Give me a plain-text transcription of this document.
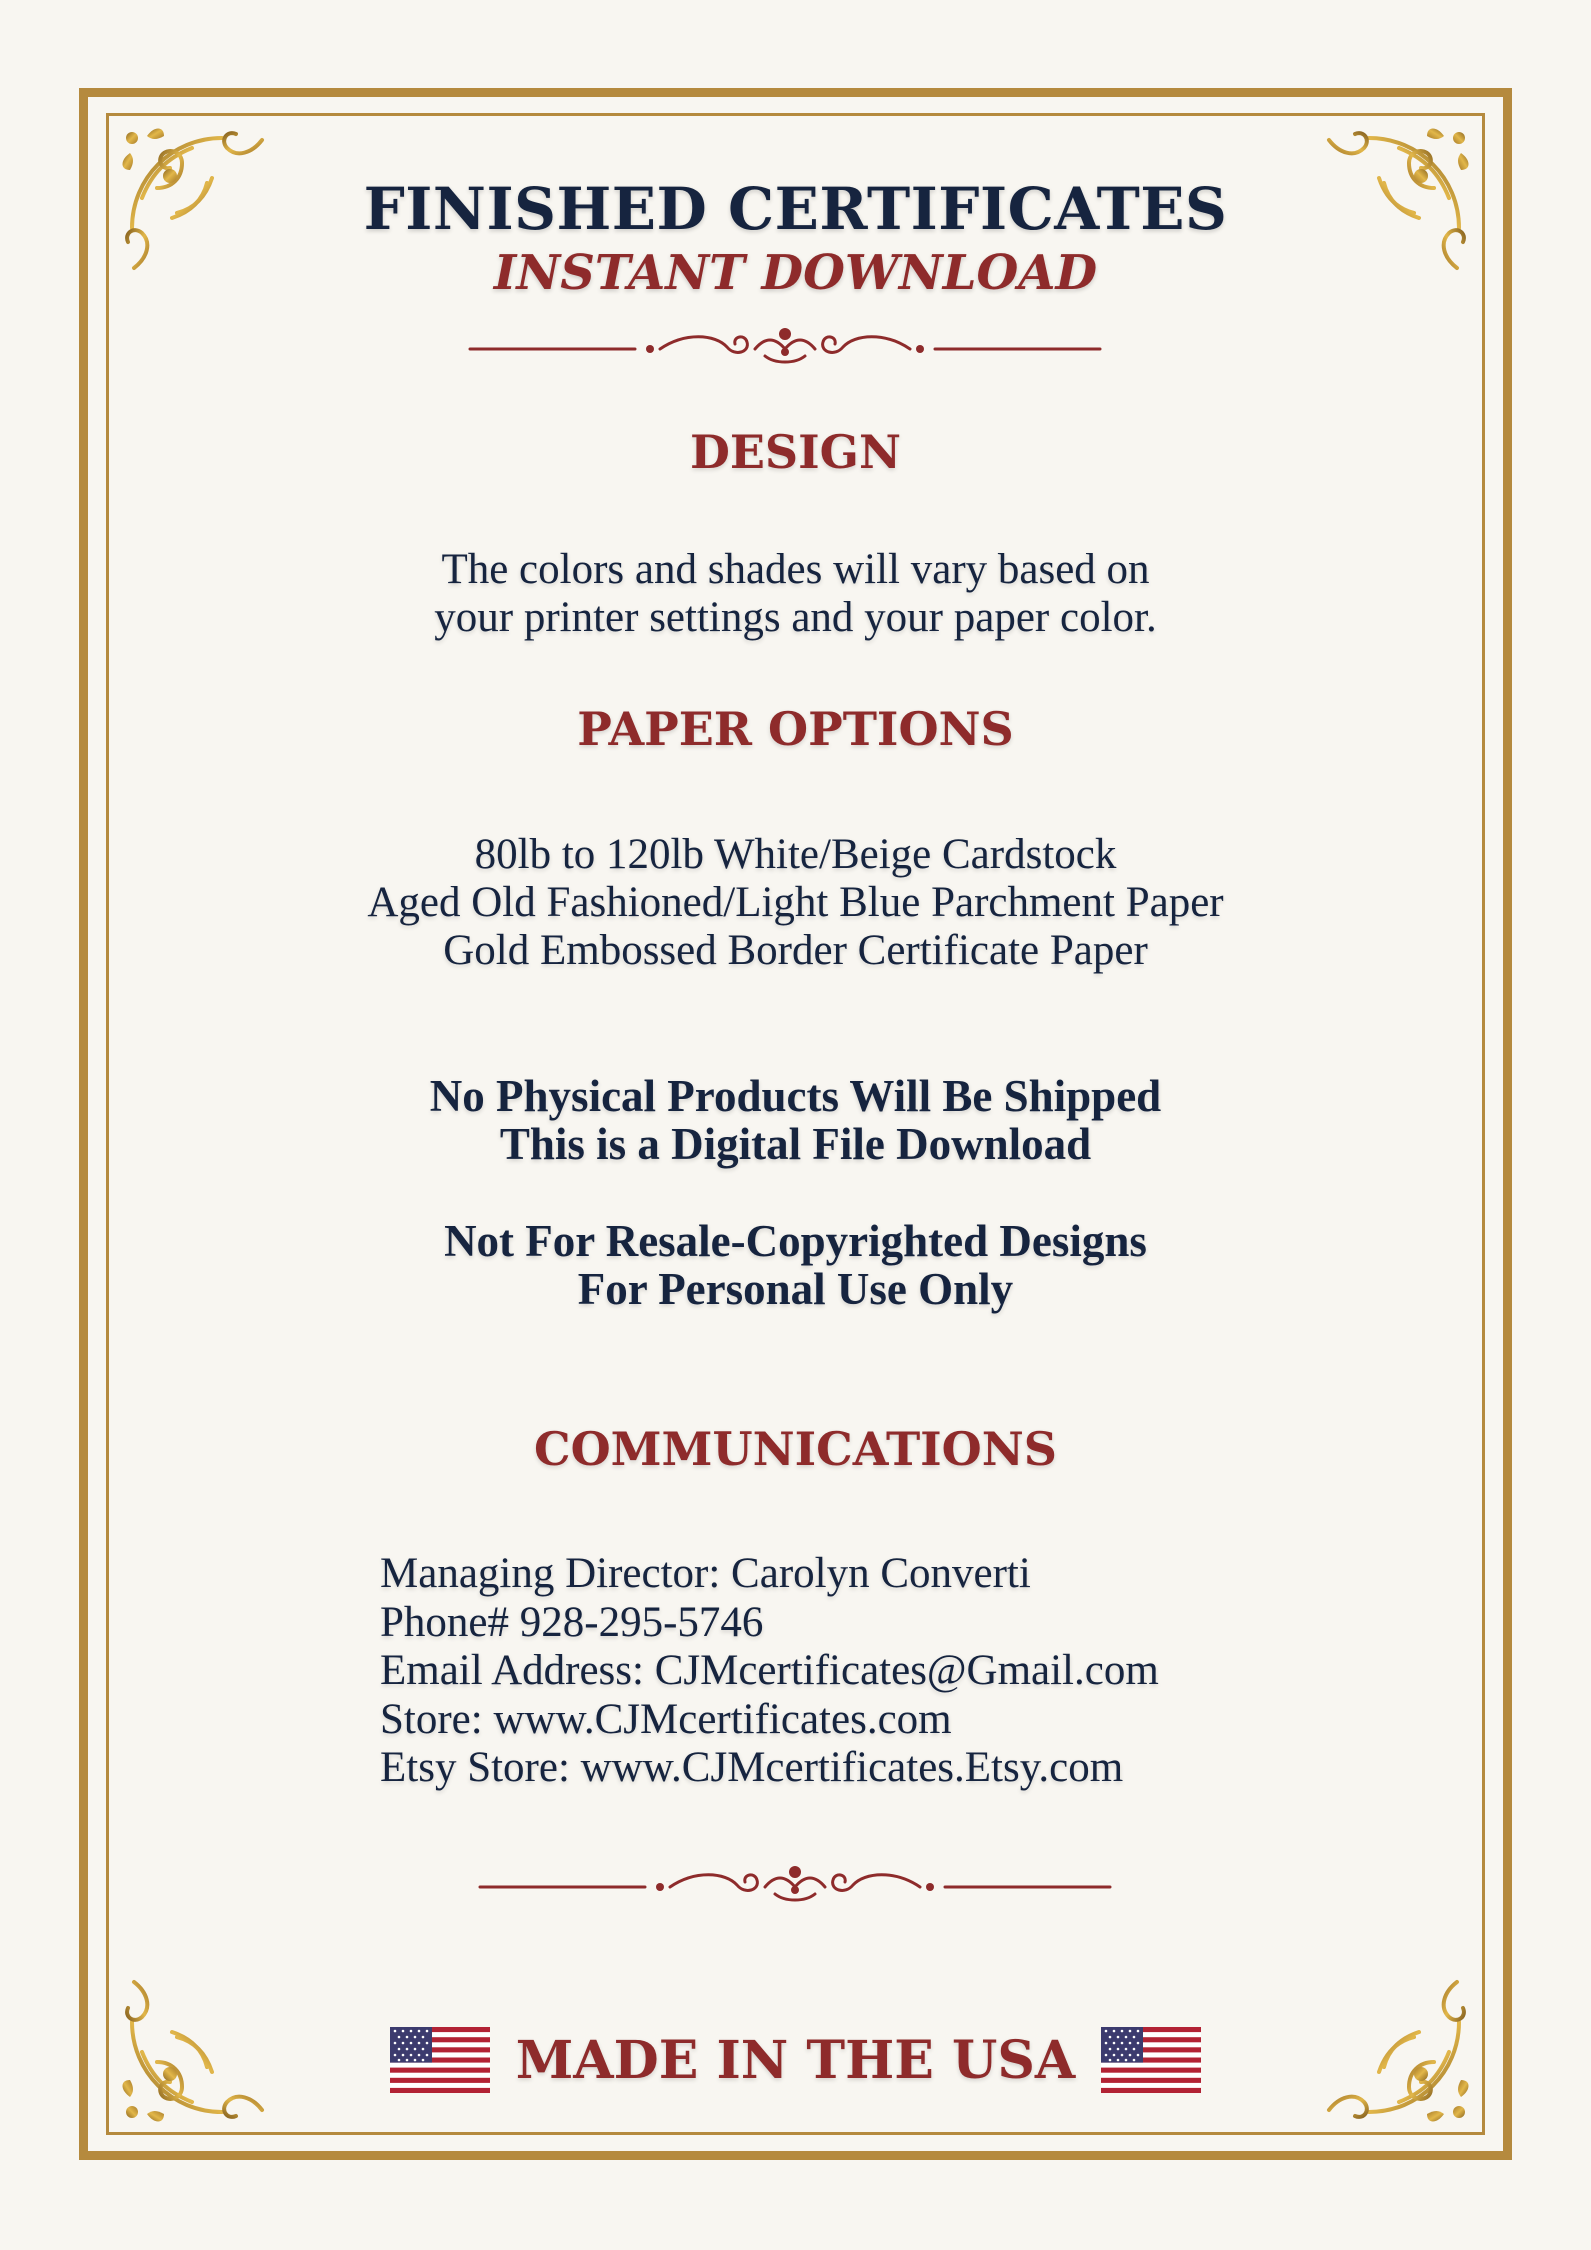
FINISHED CERTIFICATES
INSTANT DOWNLOAD
DESIGN
The colors and shades will vary based on
your printer settings and your paper color.
PAPER OPTIONS
80lb to 120lb White/Beige Cardstock
Aged Old Fashioned/Light Blue Parchment Paper
Gold Embossed Border Certificate Paper
No Physical Products Will Be Shipped
This is a Digital File Download
Not For Resale-Copyrighted Designs
For Personal Use Only
COMMUNICATIONS
Managing Director: Carolyn Converti
Phone# 928-295-5746
Email Address: CJMcertificates@Gmail.com
Store: www.CJMcertificates.com
Etsy Store: www.CJMcertificates.Etsy.com
MADE IN THE USA
